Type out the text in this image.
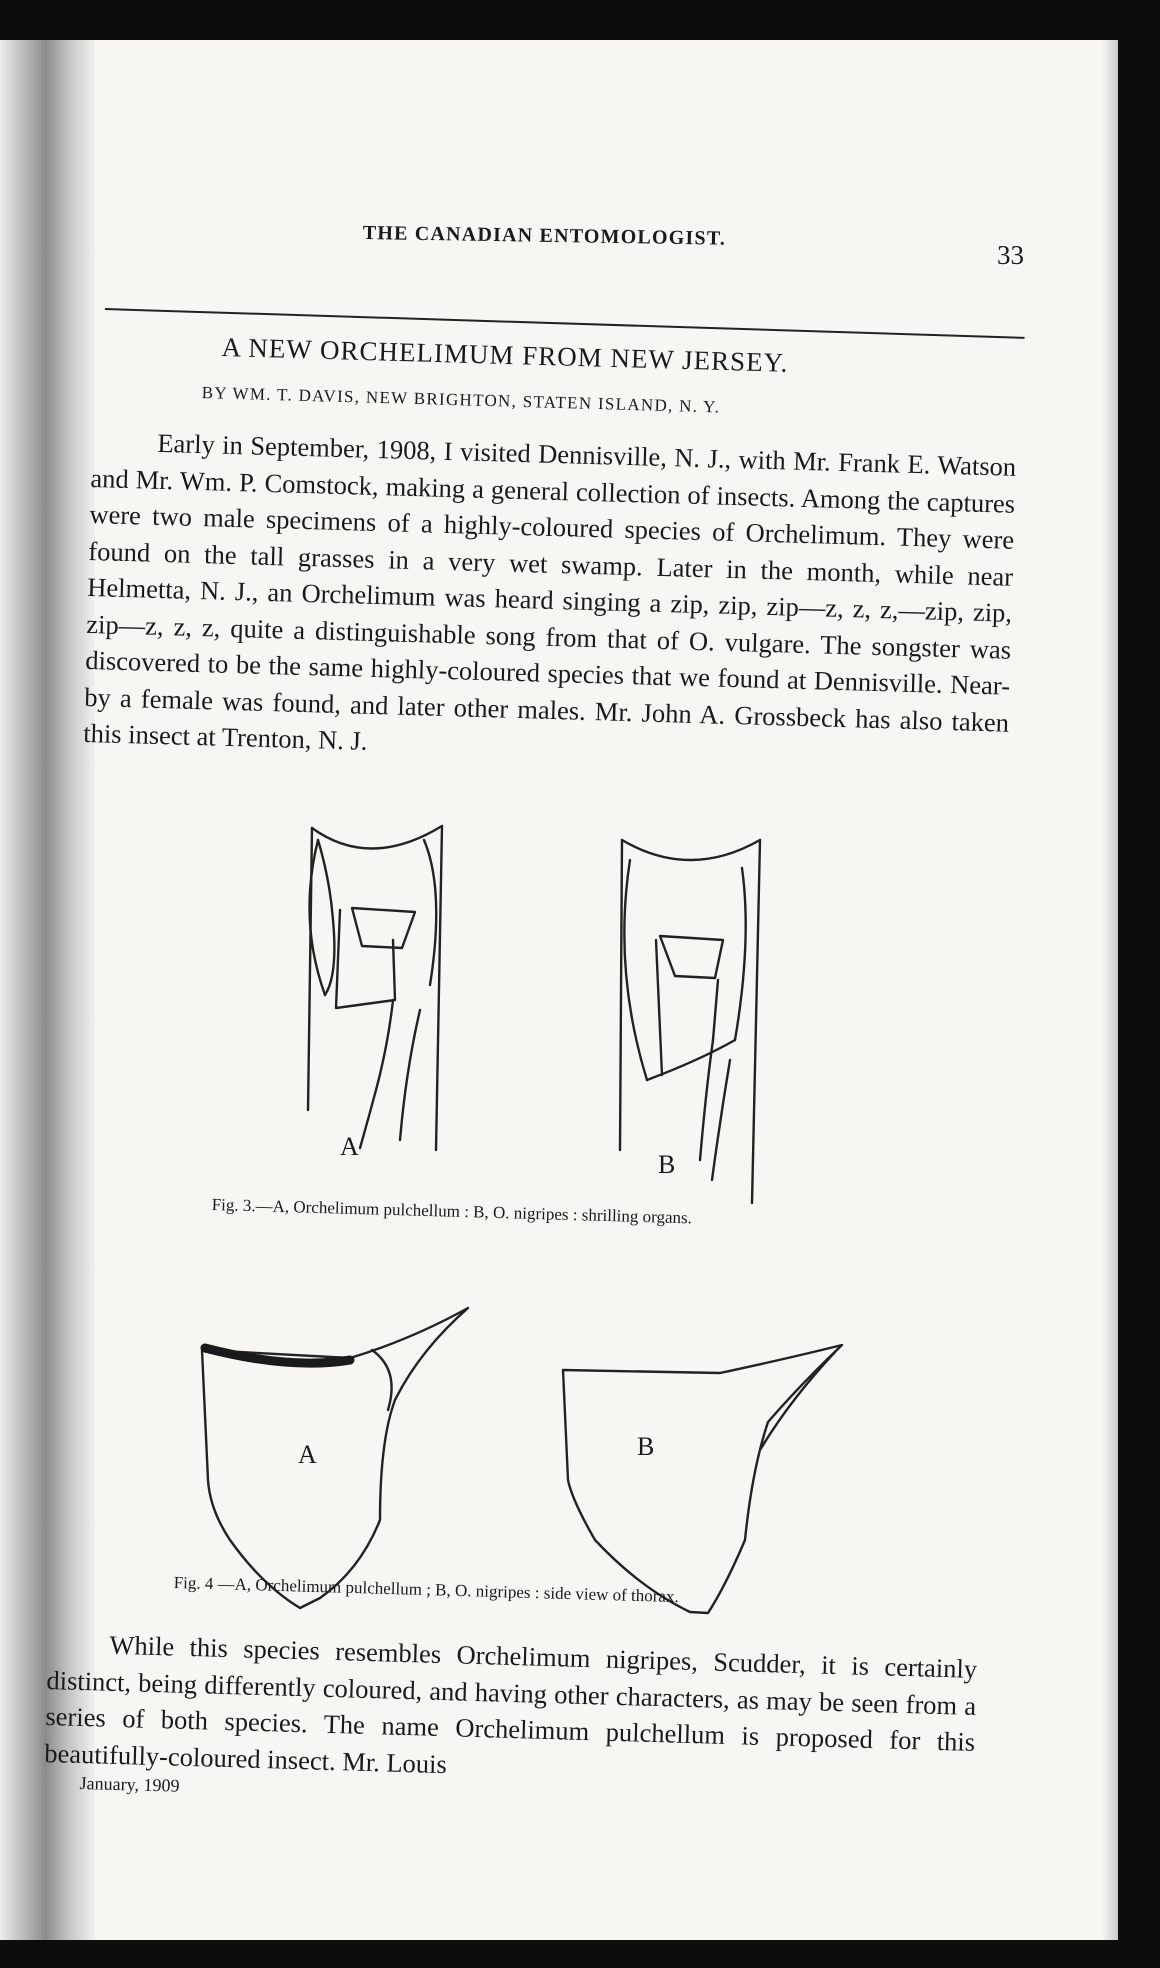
THE CANADIAN ENTOMOLOGIST.
33
A NEW ORCHELIMUM FROM NEW JERSEY.
BY WM. T. DAVIS, NEW BRIGHTON, STATEN ISLAND, N. Y.
Early in September, 1908, I visited Dennisville, N. J., with Mr. Frank E. Watson and Mr. Wm. P. Comstock, making a general collection of insects. Among the captures were two male specimens of a highly-coloured species of Orchelimum. They were found on the tall grasses in a very wet swamp. Later in the month, while near Helmetta, N. J., an Orchelimum was heard singing a zip, zip, zip—z, z, z,—zip, zip, zip—z, z, z, quite a distinguishable song from that of O. vulgare. The songster was discovered to be the same highly-coloured species that we found at Dennisville. Near-by a female was found, and later other males. Mr. John A. Grossbeck has also taken this insect at Trenton, N. J.
A
B
Fig. 3.—A, Orchelimum pulchellum : B, O. nigripes : shrilling organs.
A	B
Fig. 4 —A, Orchelimum pulchellum ; B, O. nigripes : side view of thorax.
While this species resembles Orchelimum nigripes, Scudder, it is certainly distinct, being differently coloured, and having other characters, as may be seen from a series of both species. The name Orchelimum pulchellum is proposed for this beautifully-coloured insect. Mr. Louis
January, 1909
